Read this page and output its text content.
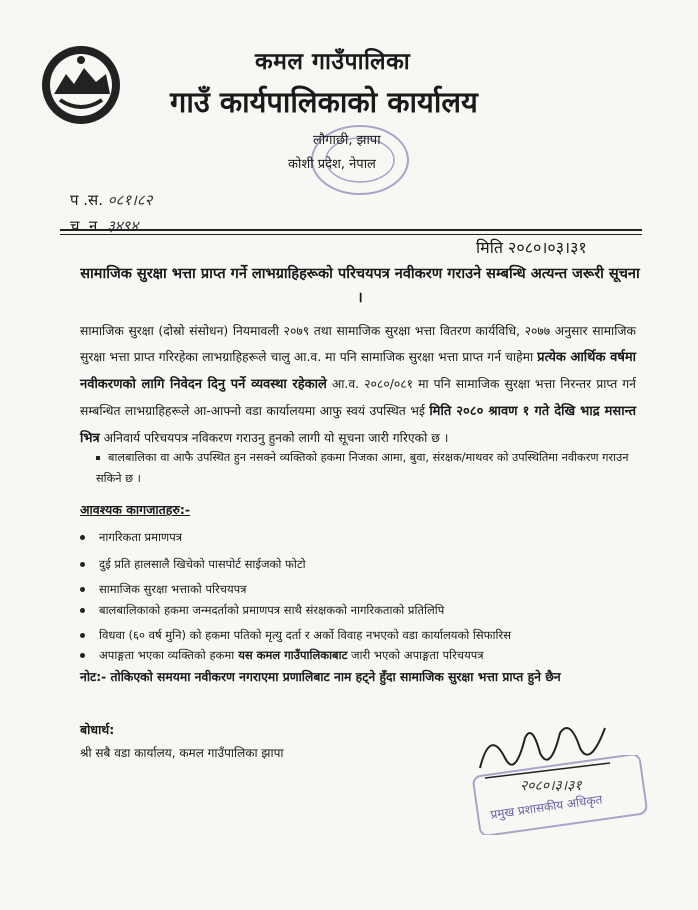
कमल गाउँपालिका
गाउँ कार्यपालिकाको कार्यालय
लौगाछी, झापा
कोशी प्रदेश, नेपाल
प .स. ०८१।८२
च .न. ३४९४
मिति २०८०।०३।३१
सामाजिक सुरक्षा भत्ता प्राप्त गर्ने लाभग्राहिहरूको परिचयपत्र नवीकरण गराउने सम्बन्धि अत्यन्त जरूरी सूचना ।
सामाजिक सुरक्षा (दोस्रो संसोधन) नियमावली २०७९ तथा सामाजिक सुरक्षा भत्ता वितरण कार्यविधि, २०७७ अनुसार सामाजिक सुरक्षा भत्ता प्राप्त गरिरहेका लाभग्राहिहरूले चालु आ.व. मा पनि सामाजिक सुरक्षा भत्ता प्राप्त गर्न चाहेमा प्रत्येक आर्थिक वर्षमा नवीकरणको लागि निवेदन दिनु पर्ने व्यवस्था रहेकाले आ.व. २०८०/०८१ मा पनि सामाजिक सुरक्षा भत्ता निरन्तर प्राप्त गर्न सम्बन्धित लाभग्राहिहरूले आ-आफ्नो वडा कार्यालयमा आफु स्वयं उपस्थित भई मिति २०८० श्रावण १ गते देखि भाद्र मसान्त भित्र अनिवार्य परिचयपत्र नविकरण गराउनु हुनको लागी यो सूचना जारी गरिएको छ ।
बालबालिका वा आफै उपस्थित हुन नसक्ने व्यक्तिको हकमा निजका आमा, बुवा, संरक्षक/माथवर को उपस्थितिमा नवीकरण गराउन सकिने छ ।
आवश्यक कागजातहरु:-
नागरिकता प्रमाणपत्र
दुई प्रति हालसालै खिचेको पासपोर्ट साईजको फोटो
सामाजिक सुरक्षा भत्ताको परिचयपत्र
बालबालिकाको हकमा जन्मदर्ताको प्रमाणपत्र साथै संरक्षकको नागरिकताको प्रतिलिपि
विधवा (६० वर्ष मुनि) को हकमा पतिको मृत्यु दर्ता र अर्को विवाह नभएको वडा कार्यालयको सिफारिस
अपाङ्गता भएका व्यक्तिको हकमा यस कमल गाउँपालिकाबाट जारी भएको अपाङ्गता परिचयपत्र
नोट:- तोकिएको समयमा नवीकरण नगराएमा प्रणालिबाट नाम हट्ने हुँदा सामाजिक सुरक्षा भत्ता प्राप्त हुने छैन
बोधार्थ:
श्री सबै वडा कार्यालय, कमल गाउँपालिका झापा
२०८०।३।३१
प्रमुख प्रशासकीय अधिकृत
